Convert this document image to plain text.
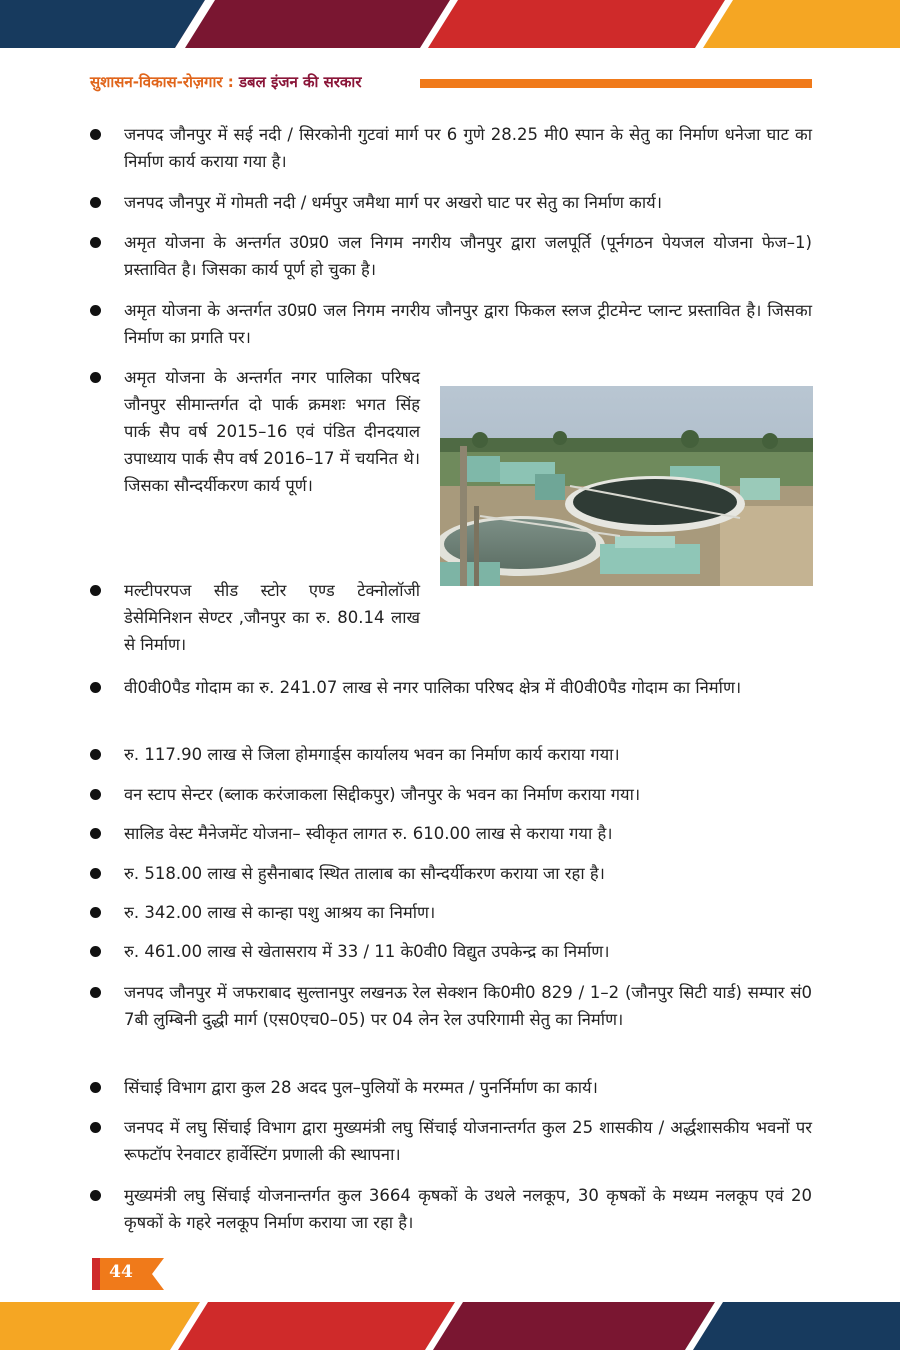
सुशासन-विकास-रोज़गार : डबल इंजन की सरकार
जनपद जौनपुर में सई नदी / सिरकोनी गुटवां मार्ग पर 6 गुणे 28.25 मी0 स्पान के सेतु का निर्माण धनेजा घाट का निर्माण कार्य कराया गया है।
जनपद जौनपुर में गोमती नदी / धर्मपुर जमैथा मार्ग पर अखरो घाट पर सेतु का निर्माण कार्य।
अमृत योजना के अन्तर्गत उ0प्र0 जल निगम नगरीय जौनपुर द्वारा जलपूर्ति (पूर्नगठन पेयजल योजना फेज–1) प्रस्तावित है। जिसका कार्य पूर्ण हो चुका है।
अमृत योजना के अन्तर्गत उ0प्र0 जल निगम नगरीय जौनपुर द्वारा फिकल स्लज ट्रीटमेन्ट प्लान्ट प्रस्तावित है। जिसका निर्माण का प्रगति पर।
अमृत योजना के अन्तर्गत नगर पालिका परिषद जौनपुर सीमान्तर्गत दो पार्क क्रमशः भगत सिंह पार्क सैप वर्ष 2015–16 एवं पंडित दीनदयाल उपाध्याय पार्क सैप वर्ष 2016–17 में चयनित थे। जिसका सौन्दर्यीकरण कार्य पूर्ण।
मल्टीपरपज सीड स्टोर एण्ड टेक्नोलॉजी डेसेमिनिशन सेण्टर ,जौनपुर का रु. 80.14 लाख से निर्माण।
वी0वी0पैड गोदाम का रु. 241.07 लाख से नगर पालिका परिषद क्षेत्र में वी0वी0पैड गोदाम का निर्माण।
रु. 117.90 लाख से जिला होमगार्ड्स कार्यालय भवन का निर्माण कार्य कराया गया।
वन स्टाप सेन्टर (ब्लाक करंजाकला सिद्दीकपुर) जौनपुर के भवन का निर्माण कराया गया।
सालिड वेस्ट मैनेजमेंट योजना– स्वीकृत लागत रु. 610.00 लाख से कराया गया है।
रु. 518.00 लाख से हुसैनाबाद स्थित तालाब का सौन्दर्यीकरण कराया जा रहा है।
रु. 342.00 लाख से कान्हा पशु आश्रय का निर्माण।
रु. 461.00 लाख से खेतासराय में 33 / 11 के0वी0 विद्युत उपकेन्द्र का निर्माण।
जनपद जौनपुर में जफराबाद सुल्तानपुर लखनऊ रेल सेक्शन कि0मी0 829 / 1–2 (जौनपुर सिटी यार्ड) सम्पार सं0 7बी लुम्बिनी दुद्धी मार्ग (एस0एच0–05) पर 04 लेन रेल उपरिगामी सेतु का निर्माण।
सिंचाई विभाग द्वारा कुल 28 अदद पुल–पुलियों के मरम्मत / पुनर्निर्माण का कार्य।
जनपद में लघु सिंचाई विभाग द्वारा मुख्यमंत्री लघु सिंचाई योजनान्तर्गत कुल 25 शासकीय / अर्द्धशासकीय भवनों पर रूफटॉप रेनवाटर हार्वेस्टिंग प्रणाली की स्थापना।
मुख्यमंत्री लघु सिंचाई योजनान्तर्गत कुल 3664 कृषकों के उथले नलकूप, 30 कृषकों के मध्यम नलकूप एवं 20 कृषकों के गहरे नलकूप निर्माण कराया जा रहा है।
44
